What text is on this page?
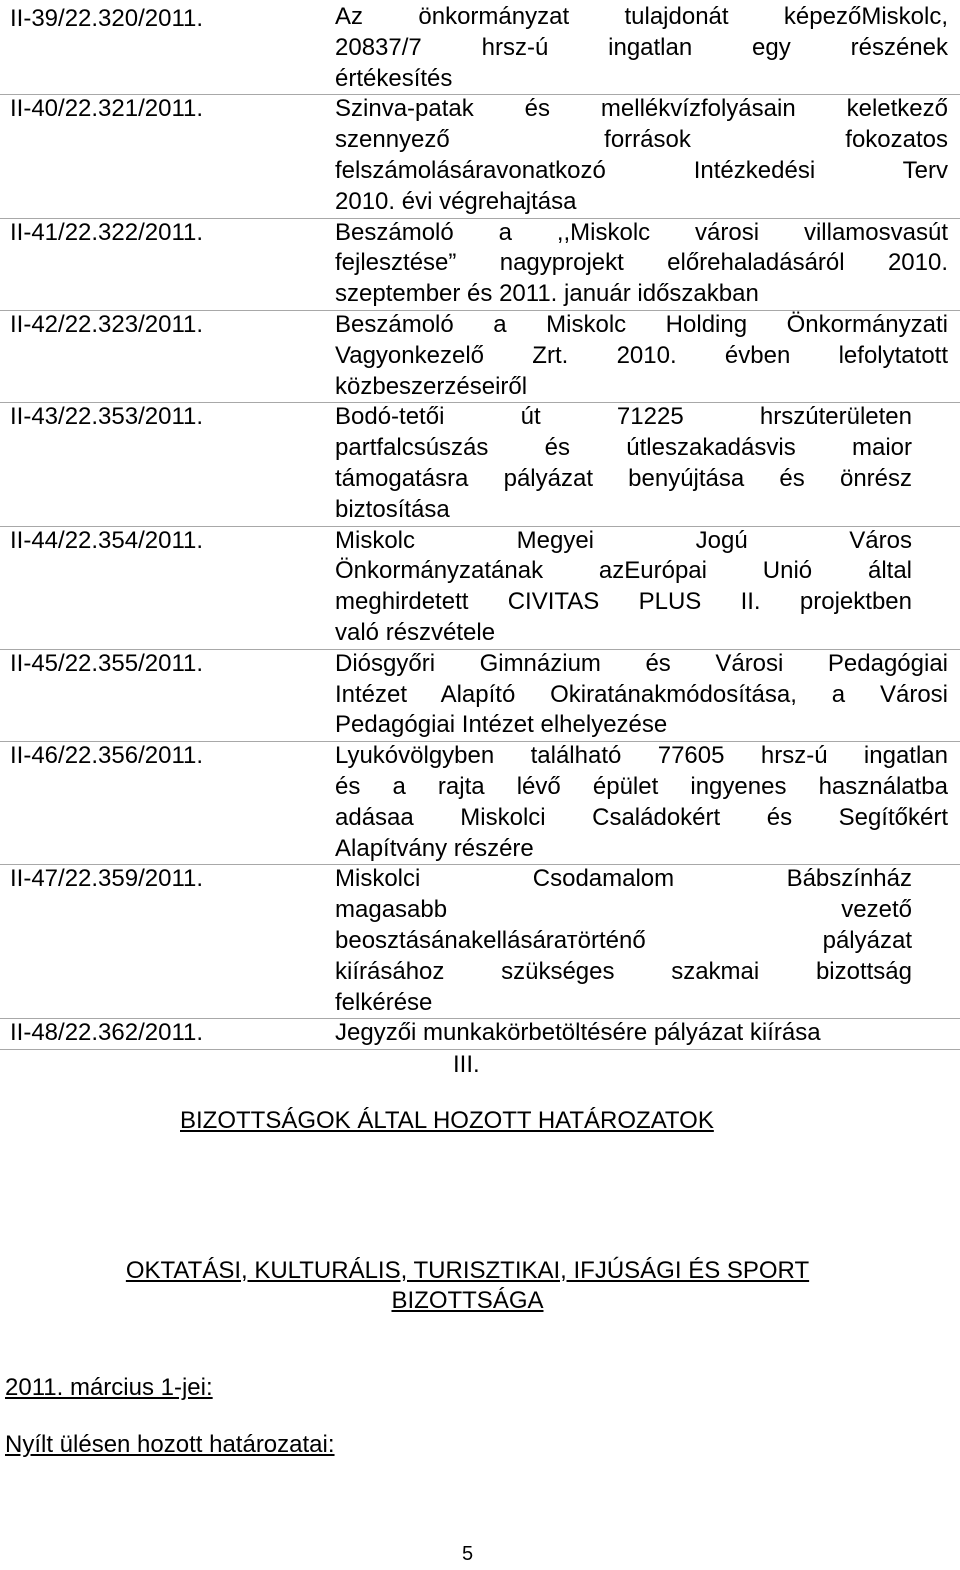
II-39/22.320/2011.	Az önkormányzat tulajdonát képezőMiskolc,
20837/7 hrsz-ú ingatlan egy részének
értékesítés
II-40/22.321/2011.	Szinva-patak és mellékvízfolyásain keletkező
szennyező források fokozatos
felszámolásáravonatkozó Intézkedési Terv
2010. évi végrehajtása
II-41/22.322/2011.	Beszámoló a ,,Miskolc városi villamosvasút
fejlesztése” nagyprojekt előrehaladásáról 2010.
szeptember és 2011. január időszakban
II-42/22.323/2011.	Beszámoló a Miskolc Holding Önkormányzati
Vagyonkezelő Zrt. 2010. évben lefolytatott
közbeszerzéseiről
II-43/22.353/2011.	Bodó-tetői út 71225 hrszúterületen
partfalcsúszás és útleszakadásvis maior
támogatásra pályázat benyújtása és önrész
biztosítása
II-44/22.354/2011.	Miskolc Megyei Jogú Város
Önkormányzatának azEurópai Unió által
meghirdetett CIVITAS PLUS II. projektben
való részvétele
II-45/22.355/2011.	Diósgyőri Gimnázium és Városi Pedagógiai
Intézet Alapító Okiratánakmódosítása, a Városi
Pedagógiai Intézet elhelyezése
II-46/22.356/2011.	Lyukóvölgyben található 77605 hrsz-ú ingatlan
és a rajta lévő épület ingyenes használatba
adásaa Miskolci Családokért és Segítőkért
Alapítvány részére
II-47/22.359/2011.	Miskolci Csodamalom Bábszínház
magasabb vezető
beosztásánakellásárатörténő pályázat
kiírásához szükséges szakmai bizottság
felkérése
II-48/22.362/2011.	Jegyzői munkakörbetöltésére pályázat kiírása
III.
BIZOTTSÁGOK ÁLTAL HOZOTT HATÁROZATOK
OKTATÁSI, KULTURÁLIS, TURISZTIKAI, IFJÚSÁGI ÉS SPORT
BIZOTTSÁGA
2011. március 1-jei:
Nyílt ülésen hozott határozatai:
5
